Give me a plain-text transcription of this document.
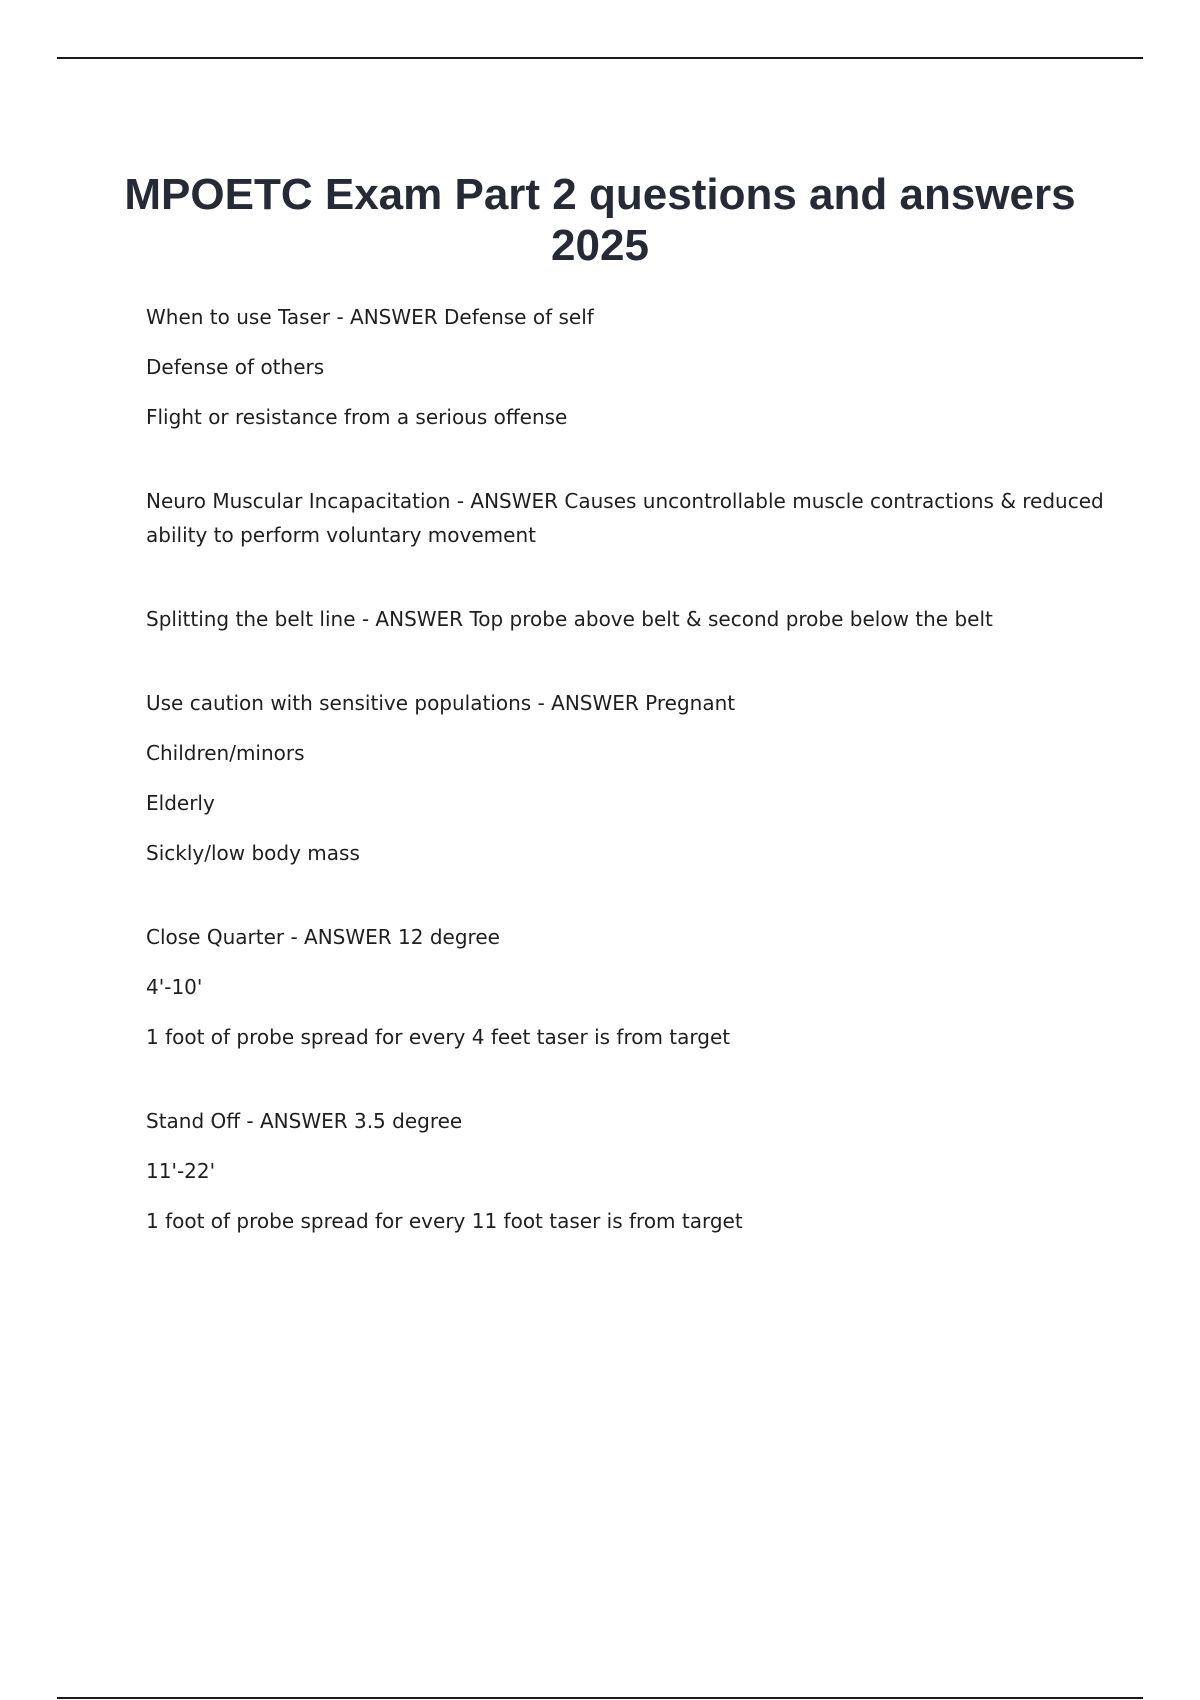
MPOETC Exam Part 2 questions and answers 2025

When to use Taser - ANSWER Defense of self

Defense of others

Flight or resistance from a serious offense

Neuro Muscular Incapacitation - ANSWER Causes uncontrollable muscle contractions & reduced ability to perform voluntary movement

Splitting the belt line - ANSWER Top probe above belt & second probe below the belt

Use caution with sensitive populations - ANSWER Pregnant

Children/minors

Elderly

Sickly/low body mass

Close Quarter - ANSWER 12 degree

4'-10'

1 foot of probe spread for every 4 feet taser is from target

Stand Off - ANSWER 3.5 degree

11'-22'

1 foot of probe spread for every 11 foot taser is from target
